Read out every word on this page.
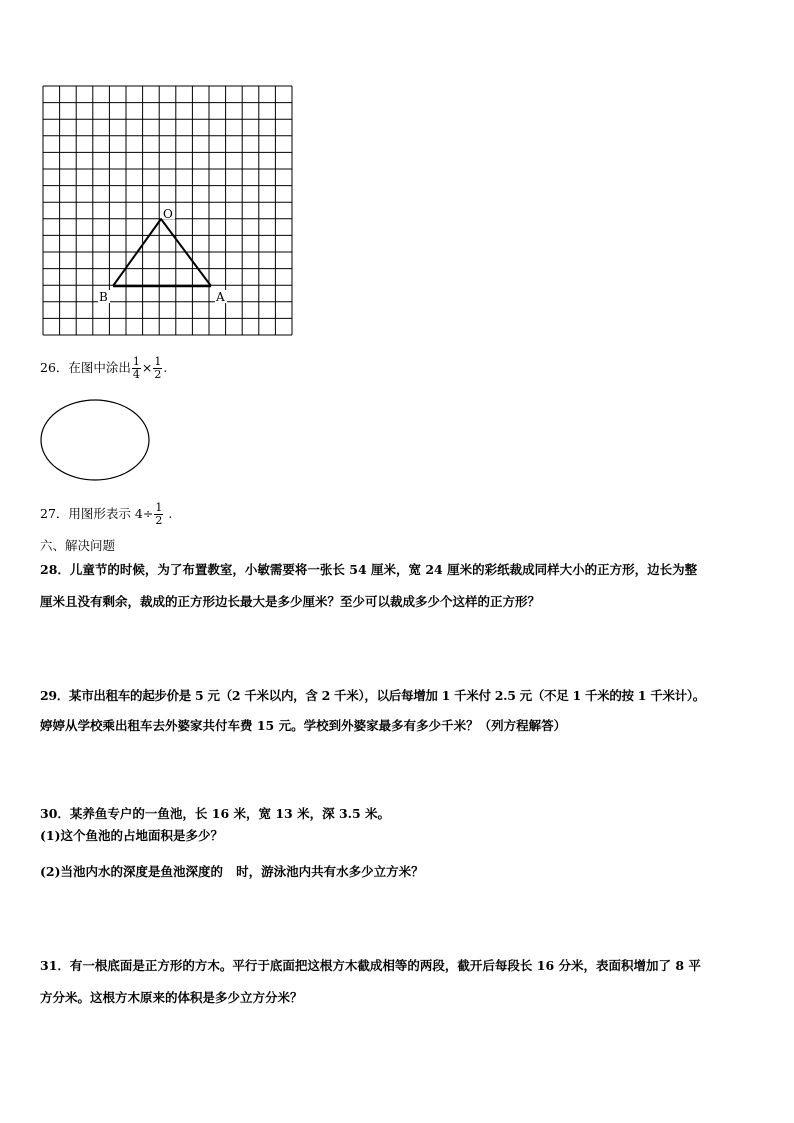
O
B	A
26．在图中涂出 $\frac{1}{4} \times \frac{1}{2}$ .
27．用图形表示 $4\div \frac{1}{2}$ .
六、解决问题
28．儿童节的时候，为了布置教室，小敏需要将一张长 54 厘米，宽 24 厘米的彩纸裁成同样大小的正方形，边长为整
厘米且没有剩余，裁成的正方形边长最大是多少厘米？至少可以裁成多少个这样的正方形？
29．某市出租车的起步价是 5 元（2 千米以内，含 2 千米），以后每增加 1 千米付 2.5 元（不足 1 千米的按 1 千米计）。
婷婷从学校乘出租车去外婆家共付车费 15 元。学校到外婆家最多有多少千米？（列方程解答）
30．某养鱼专户的一鱼池，长 16 米，宽 13 米，深 3.5 米。
(1)这个鱼池的占地面积是多少？
(2)当池内水的深度是鱼池深度的   时，游泳池内共有水多少立方米？
31．有一根底面是正方形的方木。平行于底面把这根方木截成相等的两段，截开后每段长 16 分米，表面积增加了 8 平
方分米。这根方木原来的体积是多少立方分米？
